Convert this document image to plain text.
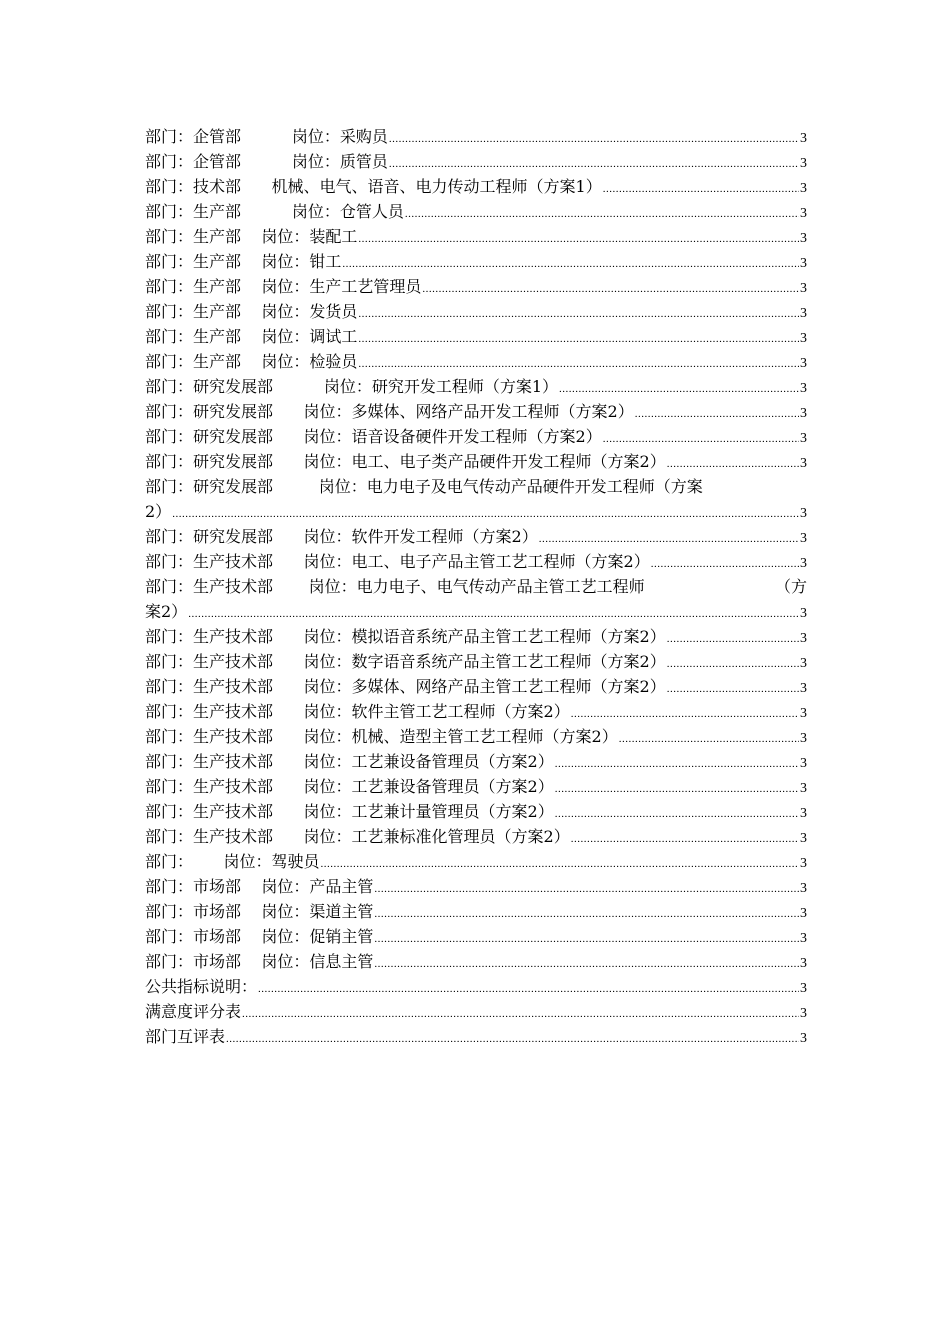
部门：企管部          岗位：采购员 .....	3
部门：企管部          岗位：质管员 .....	3
部门：技术部      机械、电气、语音、电力传动工程师（方案1） .....	3
部门：生产部          岗位：仓管人员 .....	3
部门：生产部    岗位：装配工 .....	3
部门：生产部    岗位：钳工 .....	3
部门：生产部    岗位：生产工艺管理员 .....	3
部门：生产部    岗位：发货员 .....	3
部门：生产部    岗位：调试工 .....	3
部门：生产部    岗位：检验员 .....	3
部门：研究发展部          岗位：研究开发工程师（方案1） .....	3
部门：研究发展部      岗位：多媒体、网络产品开发工程师（方案2） .....	3
部门：研究发展部      岗位：语音设备硬件开发工程师（方案2） .....	3
部门：研究发展部      岗位：电工、电子类产品硬件开发工程师（方案2） .....	3
部门：研究发展部         岗位：电力电子及电气传动产品硬件开发工程师（方案
2） .....	3
部门：研究发展部      岗位：软件开发工程师（方案2） .....	3
部门：生产技术部      岗位：电工、电子产品主管工艺工程师（方案2） .....	3
部门：生产技术部       岗位：电力电子、电气传动产品主管工艺工程师	（方
案2） .....	3
部门：生产技术部      岗位：模拟语音系统产品主管工艺工程师（方案2） .....	3
部门：生产技术部      岗位：数字语音系统产品主管工艺工程师（方案2） .....	3
部门：生产技术部      岗位：多媒体、网络产品主管工艺工程师（方案2） .....	3
部门：生产技术部      岗位：软件主管工艺工程师（方案2） .....	3
部门：生产技术部      岗位：机械、造型主管工艺工程师（方案2） .....	3
部门：生产技术部      岗位：工艺兼设备管理员（方案2） .....	3
部门：生产技术部      岗位：工艺兼设备管理员（方案2） .....	3
部门：生产技术部      岗位：工艺兼计量管理员（方案2） .....	3
部门：生产技术部      岗位：工艺兼标准化管理员（方案2） .....	3
部门：      岗位：驾驶员 .....	3
部门：市场部    岗位：产品主管 .....	3
部门：市场部    岗位：渠道主管 .....	3
部门：市场部    岗位：促销主管 .....	3
部门：市场部    岗位：信息主管 .....	3
公共指标说明： .....	3
满意度评分表 .....	3
部门互评表 .....	3
